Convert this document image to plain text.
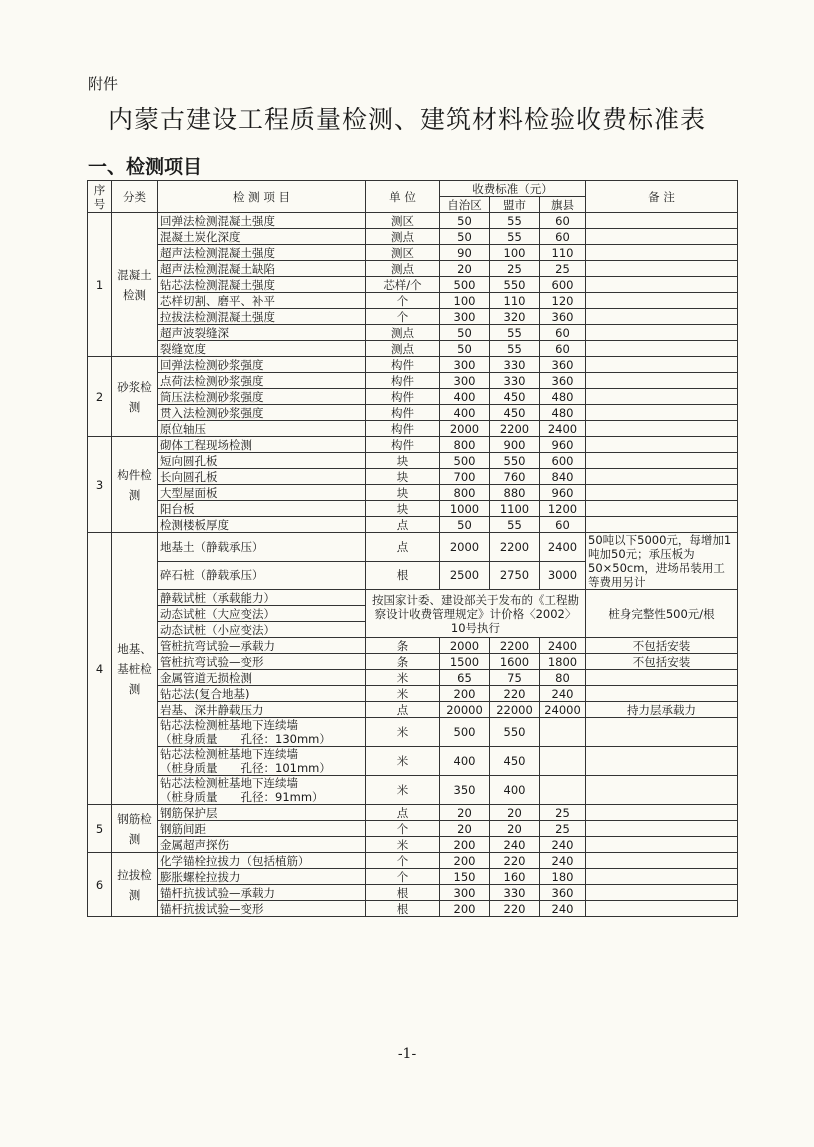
附件
内蒙古建设工程质量检测、建筑材料检验收费标准表
一、检测项目
序号	分类	检 测 项 目	单 位	收费标准（元）			备 注
				自治区	盟市	旗县	
1	混凝土检测	回弹法检测混凝土强度	测区	50	55	60	
		混凝土炭化深度	测点	50	55	60	
		超声法检测混凝土强度	测区	90	100	110	
		超声法检测混凝土缺陷	测点	20	25	25	
		钻芯法检测混凝土强度	芯样/个	500	550	600	
		芯样切割、磨平、补平	个	100	110	120	
		拉拔法检测混凝土强度	个	300	320	360	
		超声波裂缝深	测点	50	55	60	
		裂缝宽度	测点	50	55	60	
2	砂浆检测	回弹法检测砂浆强度	构件	300	330	360	
		点荷法检测砂浆强度	构件	300	330	360	
		筒压法检测砂浆强度	构件	400	450	480	
		贯入法检测砂浆强度	构件	400	450	480	
		原位轴压	构件	2000	2200	2400	
3	构件检测	砌体工程现场检测	构件	800	900	960	
		短向圆孔板	块	500	550	600	
		长向圆孔板	块	700	760	840	
		大型屋面板	块	800	880	960	
		阳台板	块	1000	1100	1200	
		检测楼板厚度	点	50	55	60	
4	地基、基桩检测	地基土（静载承压）	点	2000	2200	2400	50吨以下5000元，每增加1吨加50元；承压板为50×50cm，进场吊装用工等费用另计
		碎石桩（静载承压）	根	2500	2750	3000	
		静载试桩（承载能力）	按国家计委、建设部关于发布的《工程勘察设计收费管理规定》计价格〈2002〉10号执行				桩身完整性500元/根
		动态试桩（大应变法）					
		动态试桩（小应变法）					
		管桩抗弯试验—承载力	条	2000	2200	2400	不包括安装
		管桩抗弯试验—变形	条	1500	1600	1800	不包括安装
		金属管道无损检测	米	65	75	80	
		钻芯法(复合地基)	米	200	220	240	
		岩基、深井静载压力	点	20000	22000	24000	持力层承载力

		钻芯法检测桩基地下连续墙
（桩身质量　　孔径：130mm）	米	500	550		

		钻芯法检测桩基地下连续墙
（桩身质量　　孔径：101mm）	米	400	450		

		钻芯法检测桩基地下连续墙
（桩身质量　　孔径：91mm）	米	350	400		
5	钢筋检测	钢筋保护层	点	20	20	25	
		钢筋间距	个	20	20	25	
		金属超声探伤	米	200	240	240	
6	拉拔检测	化学锚栓拉拔力（包括植筋）	个	200	220	240	
		膨胀螺栓拉拔力	个	150	160	180	
		锚杆抗拔试验—承载力	根	300	330	360	
		锚杆抗拔试验—变形	根	200	220	240	
-1-
